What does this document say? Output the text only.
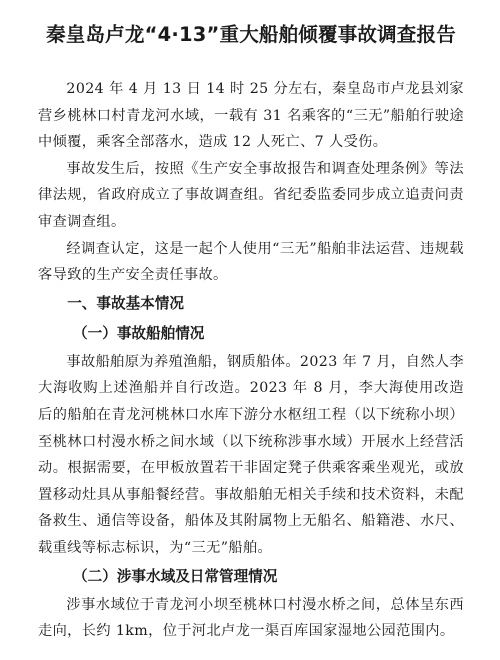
秦皇岛卢龙“4·13”重大船舶倾覆事故调查报告

2024 年 4 月 13 日 14 时 25 分左右，秦皇岛市卢龙县刘家营乡桃林口村青龙河水域，一载有 31 名乘客的“三无”船舶行驶途中倾覆，乘客全部落水，造成 12 人死亡、7 人受伤。

事故发生后，按照《生产安全事故报告和调查处理条例》等法律法规，省政府成立了事故调查组。省纪委监委同步成立追责问责审查调查组。

经调查认定，这是一起个人使用“三无”船舶非法运营、违规载客导致的生产安全责任事故。

一、事故基本情况
（一）事故船舶情况

事故船舶原为养殖渔船，钢质船体。2023 年 7 月，自然人李大海收购上述渔船并自行改造。2023 年 8 月，李大海使用改造后的船舶在青龙河桃林口水库下游分水枢纽工程（以下统称小坝）至桃林口村漫水桥之间水域（以下统称涉事水域）开展水上经营活动。根据需要，在甲板放置若干非固定凳子供乘客乘坐观光，或放置移动灶具从事船餐经营。事故船舶无相关手续和技术资料，未配备救生、通信等设备，船体及其附属物上无船名、船籍港、水尺、载重线等标志标识，为“三无”船舶。

（二）涉事水域及日常管理情况

涉事水域位于青龙河小坝至桃林口村漫水桥之间，总体呈东西走向，长约 1km，位于河北卢龙一渠百库国家湿地公园范围内。
